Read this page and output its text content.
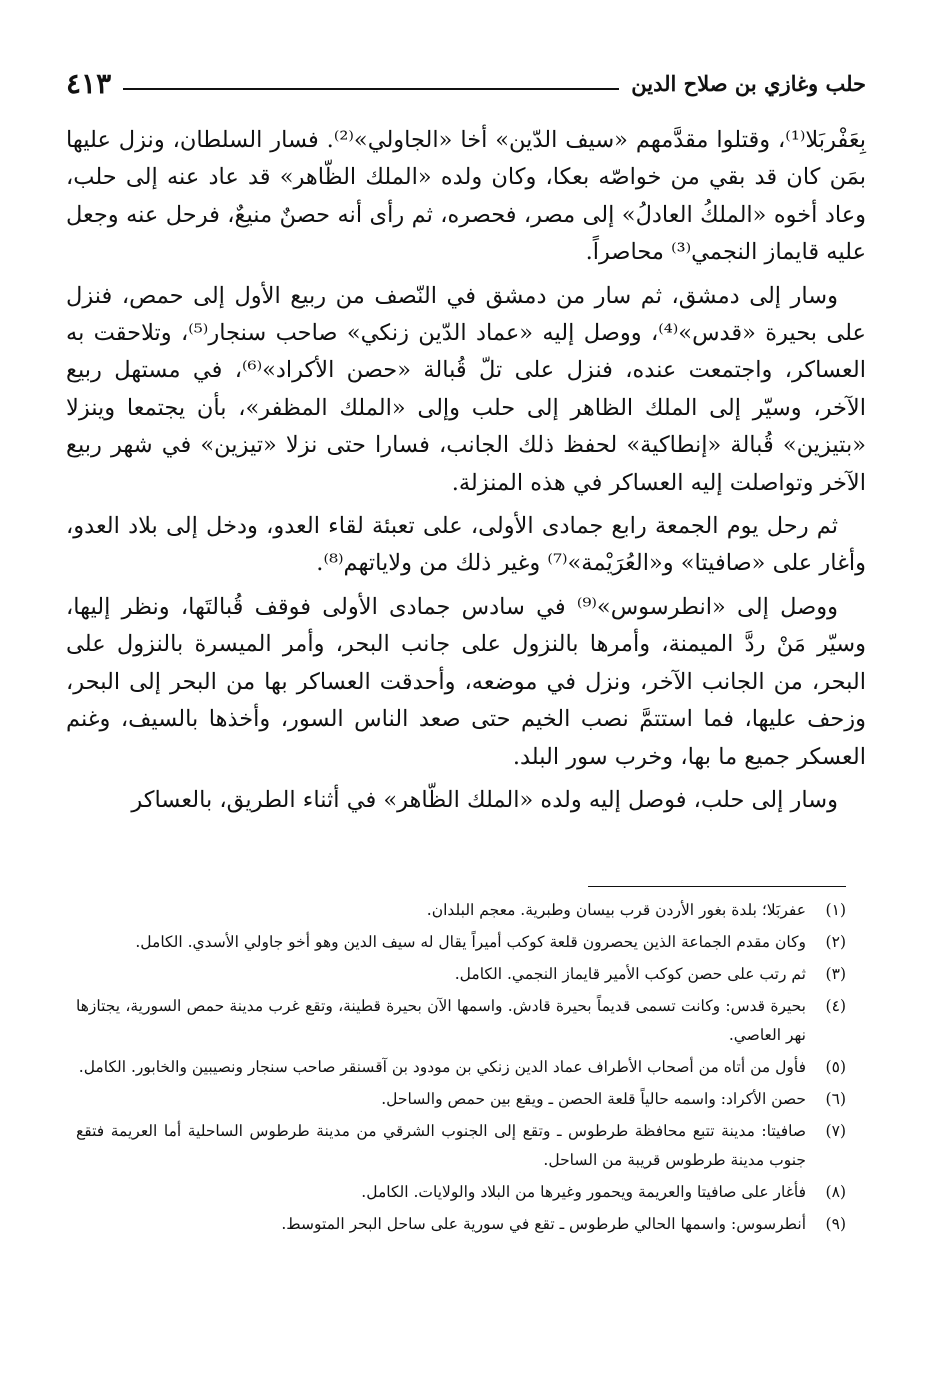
حلب وغازي بن صلاح الدين
٤١٣

بِعَفْربَلا⁽¹⁾، وقتلوا مقدَّمهم «سيف الدّين» أخا «الجاولي»⁽²⁾. فسار السلطان، ونزل عليها بمَن كان قد بقي من خواصّه بعكا، وكان ولده «الملك الظّاهر» قد عاد عنه إلى حلب، وعاد أخوه «الملكُ العادلُ» إلى مصر، فحصره، ثم رأى أنه حصنٌ منيعٌ، فرحل عنه وجعل عليه قايماز النجمي⁽³⁾ محاصراً.

وسار إلى دمشق، ثم سار من دمشق في النّصف من ربيع الأول إلى حمص، فنزل على بحيرة «قدس»⁽⁴⁾، ووصل إليه «عماد الدّين زنكي» صاحب سنجار⁽⁵⁾، وتلاحقت به العساكر، واجتمعت عنده، فنزل على تلّ قُبالة «حصن الأكراد»⁽⁶⁾، في مستهل ربيع الآخر، وسيّر إلى الملك الظاهر إلى حلب وإلى «الملك المظفر»، بأن يجتمعا وينزلا «بتيزين» قُبالة «إنطاكية» لحفظ ذلك الجانب، فسارا حتى نزلا «تيزين» في شهر ربيع الآخر وتواصلت إليه العساكر في هذه المنزلة.

ثم رحل يوم الجمعة رابع جمادى الأولى، على تعبئة لقاء العدو، ودخل إلى بلاد العدو، وأغار على «صافيتا» و«العُرَيْمة»⁽⁷⁾ وغير ذلك من ولاياتهم⁽⁸⁾.

ووصل إلى «انطرسوس»⁽⁹⁾ في سادس جمادى الأولى فوقف قُبالتَها، ونظر إليها، وسيّر مَنْ ردَّ الميمنة، وأمرها بالنزول على جانب البحر، وأمر الميسرة بالنزول على البحر، من الجانب الآخر، ونزل في موضعه، وأحدقت العساكر بها من البحر إلى البحر، وزحف عليها، فما استتمَّ نصب الخيم حتى صعد الناس السور، وأخذها بالسيف، وغنم العسكر جميع ما بها، وخرب سور البلد.

وسار إلى حلب، فوصل إليه ولده «الملك الظّاهر» في أثناء الطريق، بالعساكر

(١)
عفربَلا؛ بلدة بغور الأردن قرب بيسان وطبرية. معجم البلدان.
(٢)
وكان مقدم الجماعة الذين يحصرون قلعة كوكب أميراً يقال له سيف الدين وهو أخو جاولي الأسدي. الكامل.
(٣)
ثم رتب على حصن كوكب الأمير قايماز النجمي. الكامل.
(٤)
بحيرة قدس: وكانت تسمى قديماً بحيرة قادش. واسمها الآن بحيرة قطينة، وتقع غرب مدينة حمص السورية، يجتازها نهر العاصي.
(٥)
فأول من أتاه من أصحاب الأطراف عماد الدين زنكي بن مودود بن آقسنقر صاحب سنجار ونصيبين والخابور. الكامل.
(٦)
حصن الأكراد: واسمه حالياً قلعة الحصن ـ ويقع بين حمص والساحل.
(٧)
صافيتا: مدينة تتبع محافظة طرطوس ـ وتقع إلى الجنوب الشرقي من مدينة طرطوس الساحلية أما العريمة فتقع جنوب مدينة طرطوس قريبة من الساحل.
(٨)
فأغار على صافيتا والعريمة ويحمور وغيرها من البلاد والولايات. الكامل.
(٩)
أنطرسوس: واسمها الحالي طرطوس ـ تقع في سورية على ساحل البحر المتوسط.
